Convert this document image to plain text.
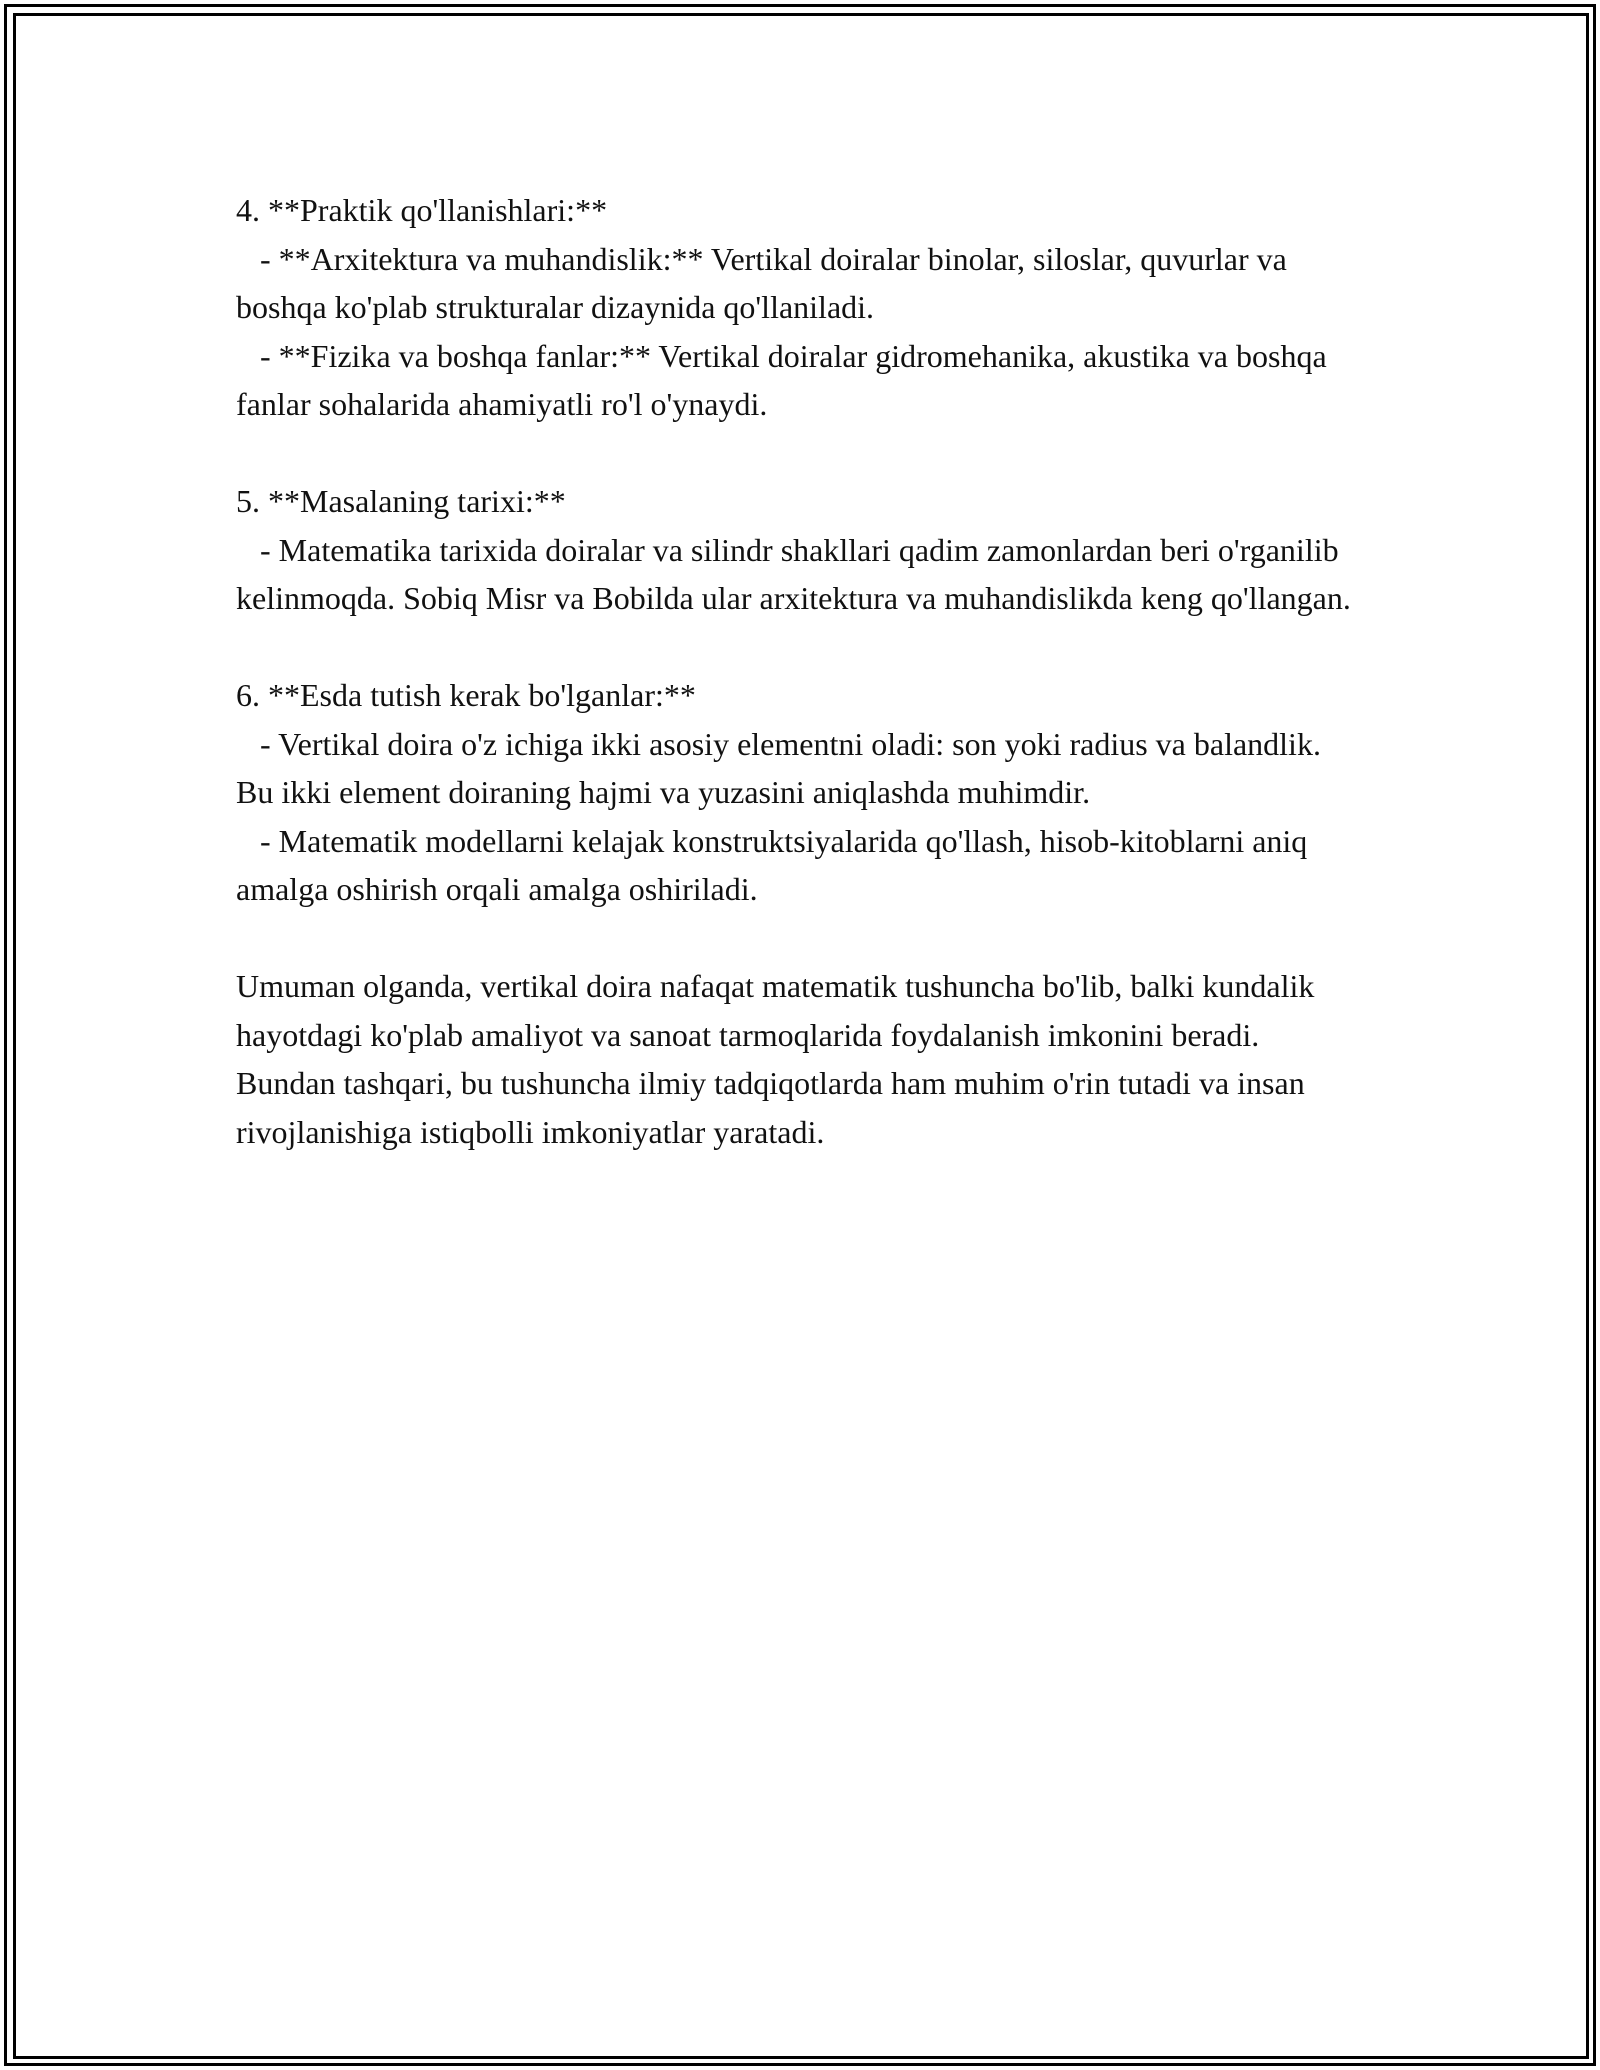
4. **Praktik qo'llanishlari:**

- **Arxitektura va muhandislik:** Vertikal doiralar binolar, siloslar, quvurlar va boshqa ko'plab strukturalar dizaynida qo'llaniladi.

- **Fizika va boshqa fanlar:** Vertikal doiralar gidromehanika, akustika va boshqa fanlar sohalarida ahamiyatli ro'l o'ynaydi.

5. **Masalaning tarixi:**

- Matematika tarixida doiralar va silindr shakllari qadim zamonlardan beri o'rganilib kelinmoqda. Sobiq Misr va Bobilda ular arxitektura va muhandislikda keng qo'llangan.

6. **Esda tutish kerak bo'lganlar:**

- Vertikal doira o'z ichiga ikki asosiy elementni oladi: son yoki radius va balandlik. Bu ikki element doiraning hajmi va yuzasini aniqlashda muhimdir.

- Matematik modellarni kelajak konstruktsiyalarida qo'llash, hisob-kitoblarni aniq amalga oshirish orqali amalga oshiriladi.

Umuman olganda, vertikal doira nafaqat matematik tushuncha bo'lib, balki kundalik hayotdagi ko'plab amaliyot va sanoat tarmoqlarida foydalanish imkonini beradi. Bundan tashqari, bu tushuncha ilmiy tadqiqotlarda ham muhim o'rin tutadi va insan rivojlanishiga istiqbolli imkoniyatlar yaratadi.
